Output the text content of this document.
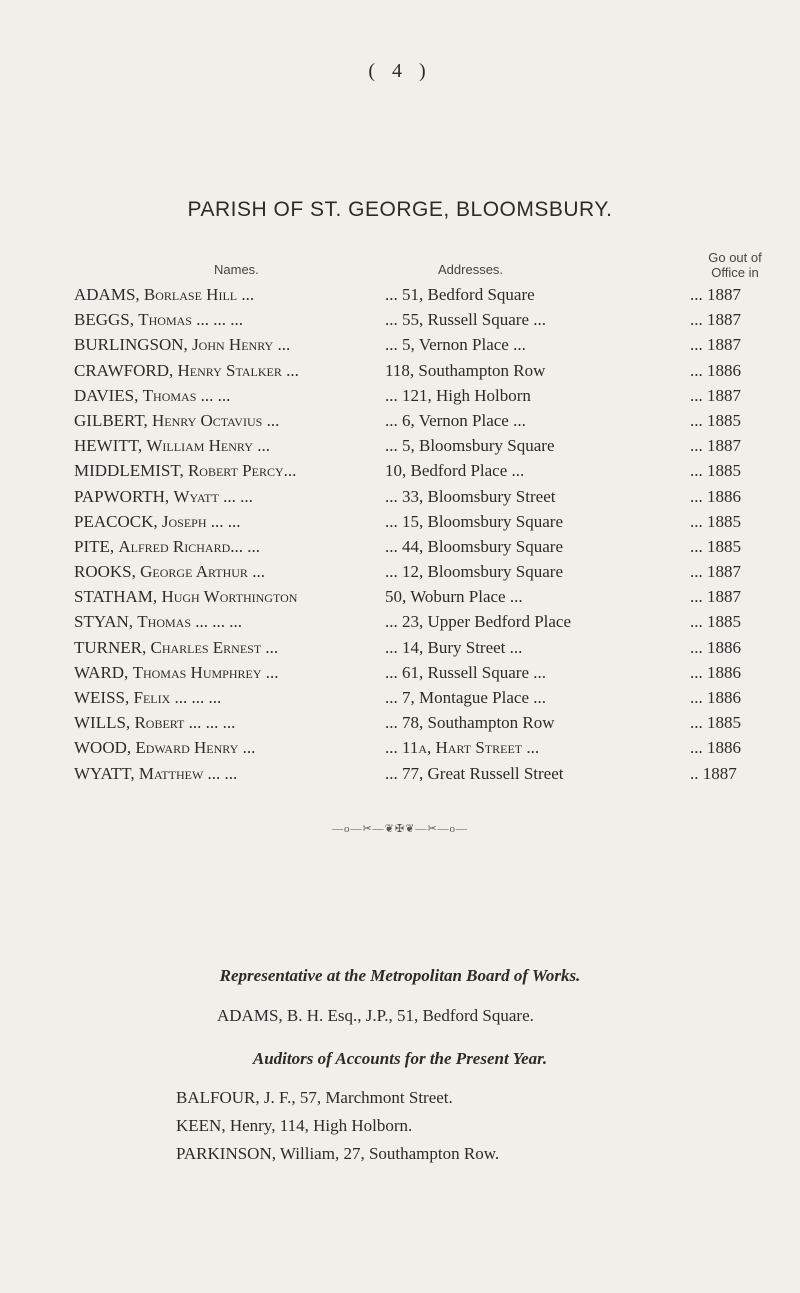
( 4 )
PARISH OF ST. GEORGE, BLOOMSBURY.
Names.	Addresses.
Go out of
Office in
ADAMS, Borlase Hill ...	... 51, Bedford Square	... 1887
BEGGS, Thomas ... ... ...	... 55, Russell Square ...	... 1887
BURLINGSON, John Henry ...	... 5, Vernon Place ...	... 1887
CRAWFORD, Henry Stalker ...	118, Southampton Row	... 1886
DAVIES, Thomas ... ...	... 121, High Holborn	... 1887
GILBERT, Henry Octavius ...	... 6, Vernon Place ...	... 1885
HEWITT, William Henry ...	... 5, Bloomsbury Square	... 1887
MIDDLEMIST, Robert Percy...	10, Bedford Place ...	... 1885
PAPWORTH, Wyatt ... ...	... 33, Bloomsbury Street	... 1886
PEACOCK, Joseph ... ...	... 15, Bloomsbury Square	... 1885
PITE, Alfred Richard... ...	... 44, Bloomsbury Square	... 1885
ROOKS, George Arthur ...	... 12, Bloomsbury Square	... 1887
STATHAM, Hugh Worthington	50, Woburn Place ...	... 1887
STYAN, Thomas ... ... ...	... 23, Upper Bedford Place	... 1885
TURNER, Charles Ernest ...	... 14, Bury Street ...	... 1886
WARD, Thomas Humphrey ...	... 61, Russell Square ...	... 1886
WEISS, Felix ... ... ...	... 7, Montague Place ...	... 1886
WILLS, Robert ... ... ...	... 78, Southampton Row	... 1885
WOOD, Edward Henry ...	... 11a, Hart Street ...	... 1886
WYATT, Matthew ... ...	... 77, Great Russell Street	.. 1887
—o—✂—❦✠❦—✂—o—
Representative at the Metropolitan Board of Works.
ADAMS, B. H. Esq., J.P., 51, Bedford Square.
Auditors of Accounts for the Present Year.
BALFOUR, J. F., 57, Marchmont Street.
KEEN, Henry, 114, High Holborn.
PARKINSON, William, 27, Southampton Row.
